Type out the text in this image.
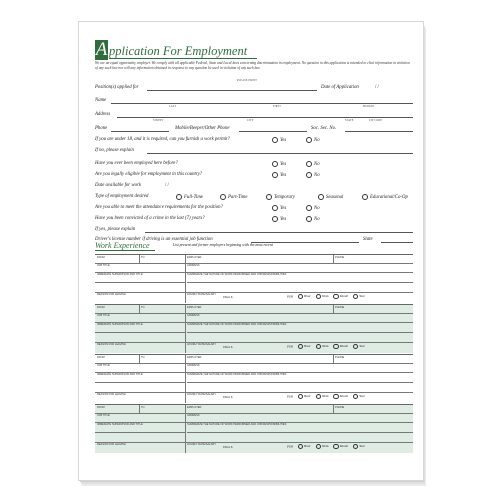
A pplication For Employment
We are an equal opportunity employer. We comply with all applicable Federal, State and Local laws concerning discrimination in employment. No question in this application is intended to elicit information in violation of any such law nor will any information obtained in response to any question be used in violation of any such law.
PLEASE PRINT
Position(s) applied for	Date of Application	/ /
Name
LAST	FIRST	MIDDLE
Address
STREET	CITY	STATE	ZIP CODE
Phone	Mobile/Beeper/Other Phone	Soc. Sec. No.
If you are under 18, and it is required, can you furnish a work permit?	Yes	No
If no, please explain
Have you ever been employed here before?	Yes	No
Are you legally eligible for employment in this country?	Yes	No
Date available for work	/ /
Type of employment desired	Full-Time	Part-Time	Temporary	Seasonal	Educational/Co-Op
Are you able to meet the attendance requirements for the position?	Yes	No
Have you been convicted of a crime in the last (7) years?	Yes	No
If yes, please explain
Driver's license number if driving is an essential job function	State
Work Experience	List present and former employers beginning with the most recent
FROM	TO	EMPLOYER	PHONE
JOB TITLE	ADDRESS
IMMEDIATE SUPERVISOR AND TITLE	SUMMARIZE THE NATURE OF WORK PERFORMED AND JOB RESPONSIBILITIES
REASON FOR LEAVING	HOURLY RATE/SALARY
FINAL $	PER	Hour	Week	Month	Year
FROM	TO	EMPLOYER	PHONE
JOB TITLE	ADDRESS
IMMEDIATE SUPERVISOR AND TITLE	SUMMARIZE THE NATURE OF WORK PERFORMED AND JOB RESPONSIBILITIES
REASON FOR LEAVING	HOURLY RATE/SALARY
FINAL $	PER	Hour	Week	Month	Year
FROM	TO	EMPLOYER	PHONE
JOB TITLE	ADDRESS
IMMEDIATE SUPERVISOR AND TITLE	SUMMARIZE THE NATURE OF WORK PERFORMED AND JOB RESPONSIBILITIES
REASON FOR LEAVING	HOURLY RATE/SALARY
FINAL $	PER	Hour	Week	Month	Year
FROM	TO	EMPLOYER	PHONE
JOB TITLE	ADDRESS
IMMEDIATE SUPERVISOR AND TITLE	SUMMARIZE THE NATURE OF WORK PERFORMED AND JOB RESPONSIBILITIES
REASON FOR LEAVING	HOURLY RATE/SALARY
FINAL $	PER	Hour	Week	Month	Year
